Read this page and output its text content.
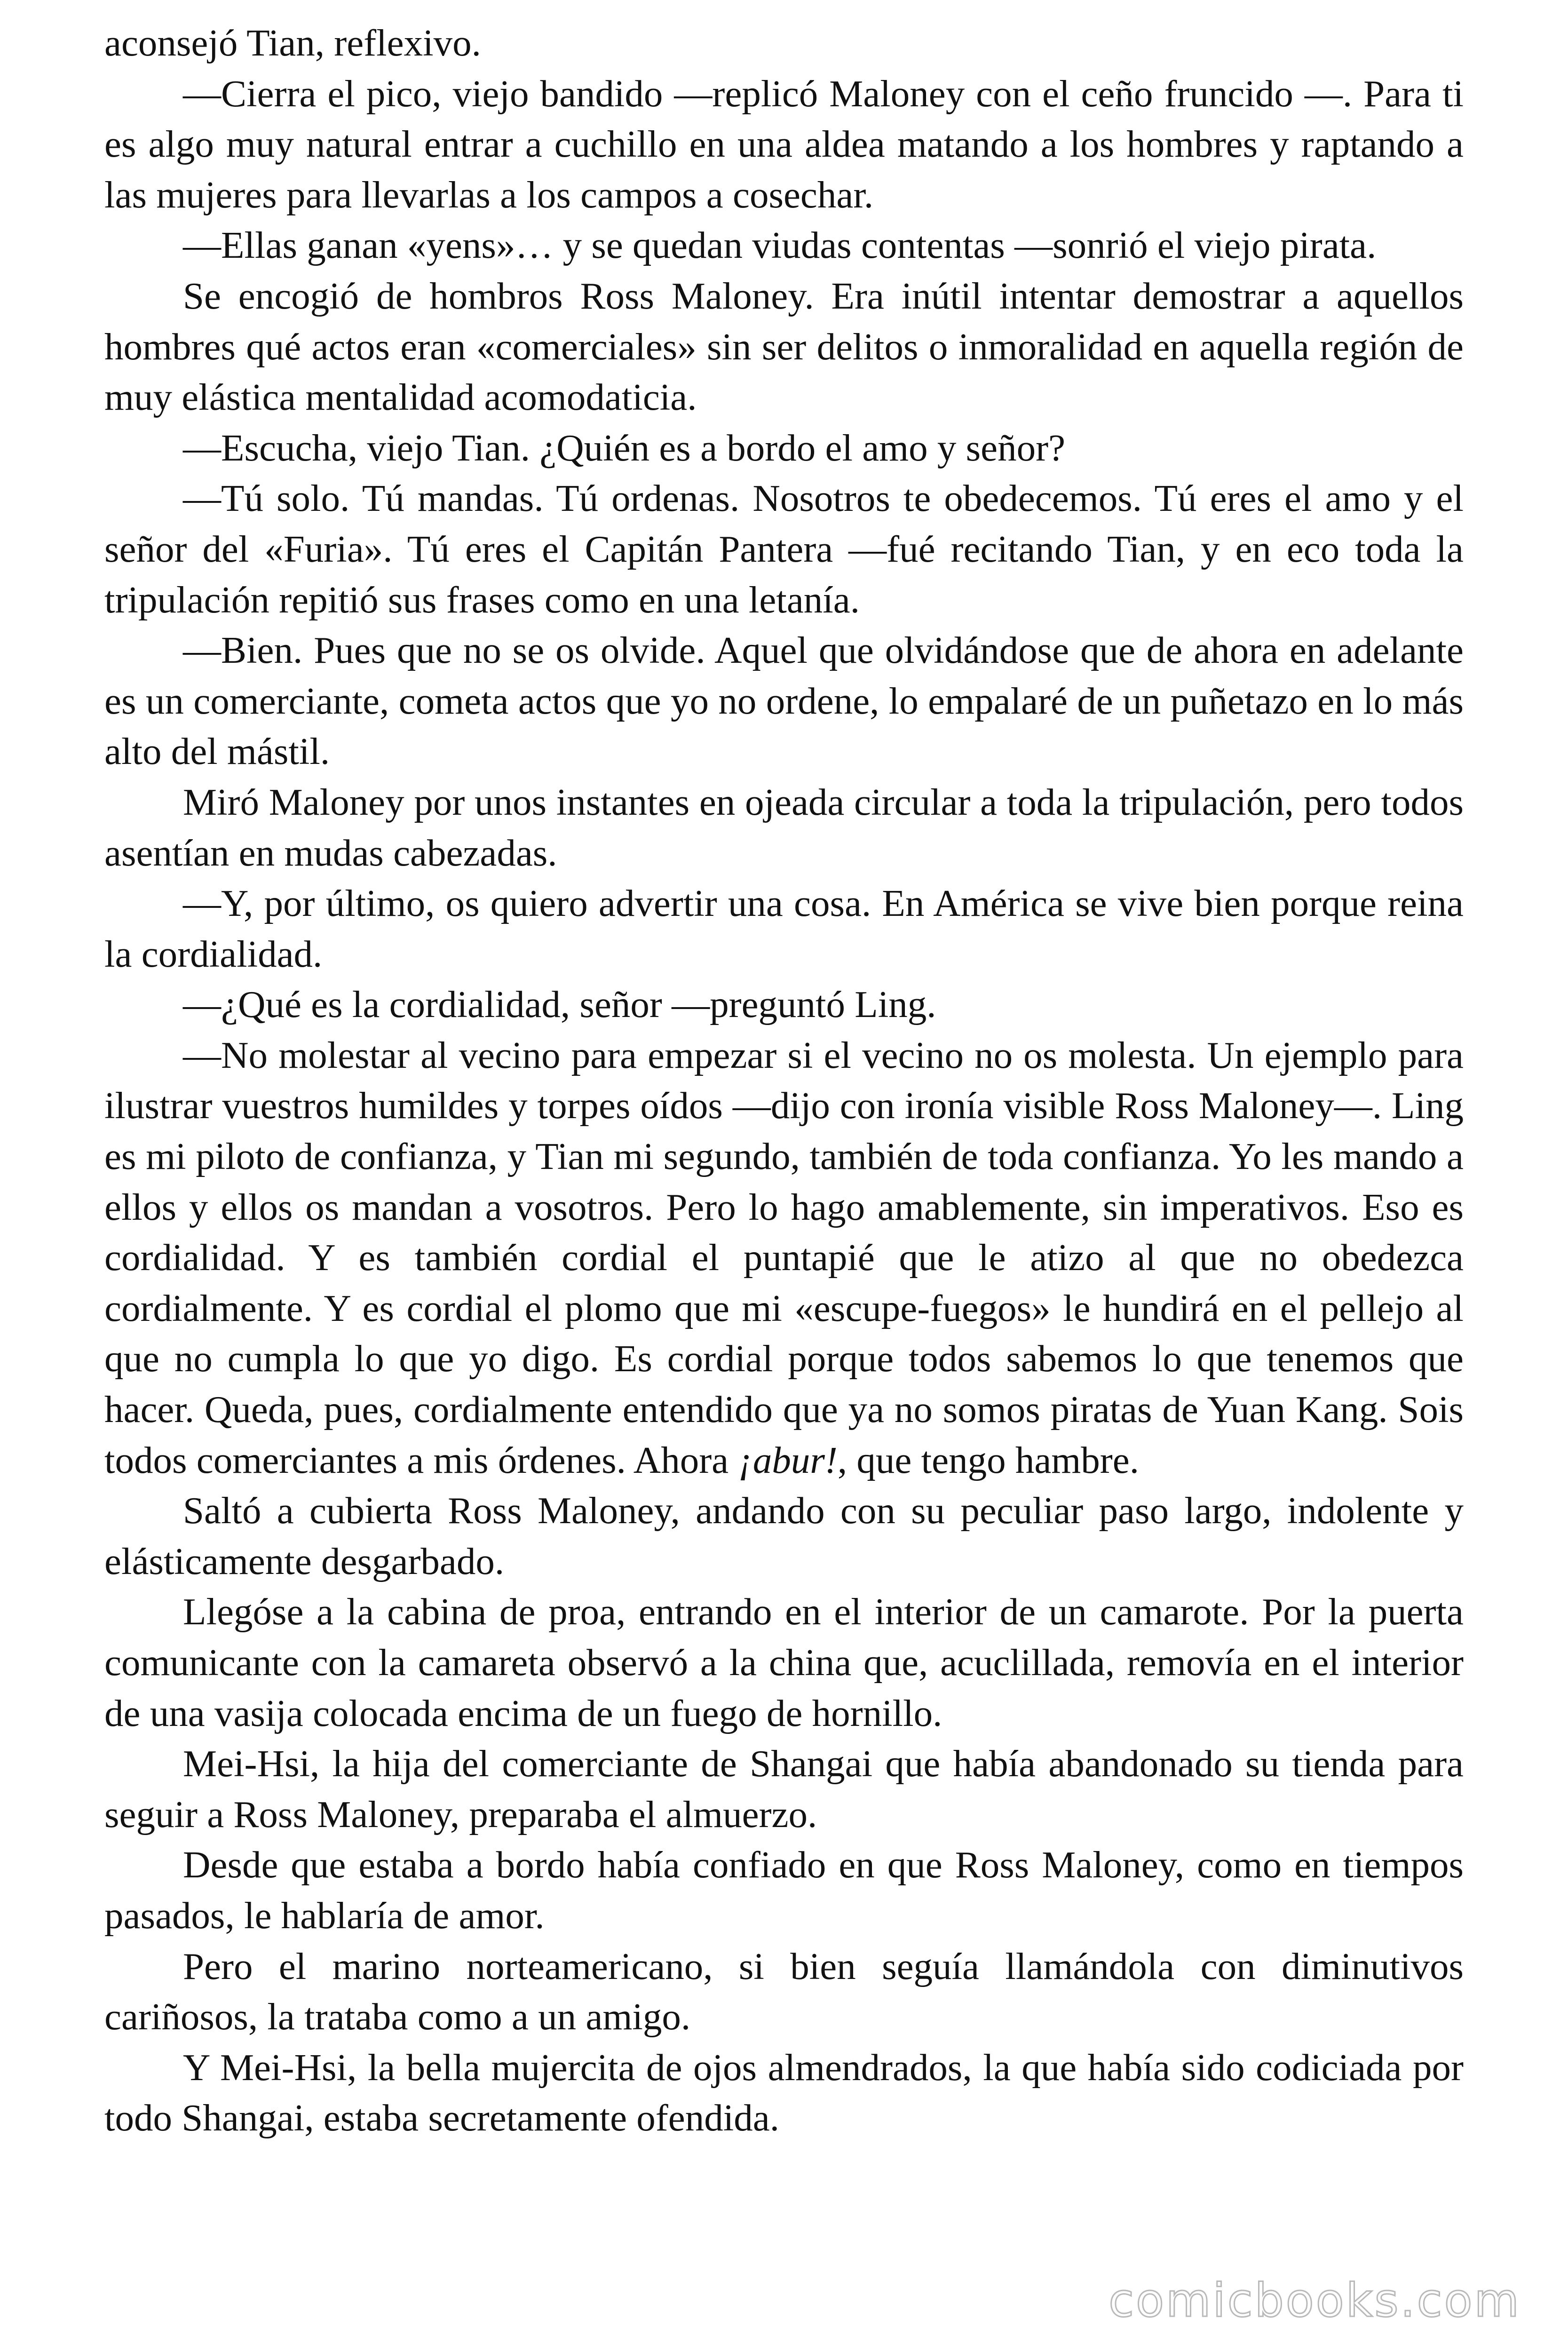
aconsejó Tian, reflexivo.

—Cierra el pico, viejo bandido —replicó Maloney con el ceño fruncido —. Para ti es algo muy natural entrar a cuchillo en una aldea matando a los hombres y raptando a las mujeres para llevarlas a los campos a cosechar.

—Ellas ganan «yens»… y se quedan viudas contentas —sonrió el viejo pirata.

Se encogió de hombros Ross Maloney. Era inútil intentar demostrar a aquellos hombres qué actos eran «comerciales» sin ser delitos o inmoralidad en aquella región de muy elástica mentalidad acomodaticia.

—Escucha, viejo Tian. ¿Quién es a bordo el amo y señor?

—Tú solo. Tú mandas. Tú ordenas. Nosotros te obedecemos. Tú eres el amo y el señor del «Furia». Tú eres el Capitán Pantera —fué recitando Tian, y en eco toda la tripulación repitió sus frases como en una letanía.

—Bien. Pues que no se os olvide. Aquel que olvidándose que de ahora en adelante es un comerciante, cometa actos que yo no ordene, lo empalaré de un puñetazo en lo más alto del mástil.

Miró Maloney por unos instantes en ojeada circular a toda la tripulación, pero todos asentían en mudas cabezadas.

—Y, por último, os quiero advertir una cosa. En América se vive bien porque reina la cordialidad.

—¿Qué es la cordialidad, señor —preguntó Ling.

—No molestar al vecino para empezar si el vecino no os molesta. Un ejemplo para ilustrar vuestros humildes y torpes oídos —dijo con ironía visible Ross Maloney—. Ling es mi piloto de confianza, y Tian mi segundo, también de toda confianza. Yo les mando a ellos y ellos os mandan a vosotros. Pero lo hago amablemente, sin imperativos. Eso es cordialidad. Y es también cordial el puntapié que le atizo al que no obedezca cordialmente. Y es cordial el plomo que mi «escupe-fuegos» le hundirá en el pellejo al que no cumpla lo que yo digo. Es cordial porque todos sabemos lo que tenemos que hacer. Queda, pues, cordialmente entendido que ya no somos piratas de Yuan Kang. Sois todos comerciantes a mis órdenes. Ahora ¡abur!, que tengo hambre.

Saltó a cubierta Ross Maloney, andando con su peculiar paso largo, indolente y elásticamente desgarbado.

Llegóse a la cabina de proa, entrando en el interior de un camarote. Por la puerta comunicante con la camareta observó a la china que, acuclillada, removía en el interior de una vasija colocada encima de un fuego de hornillo.

Mei-Hsi, la hija del comerciante de Shangai que había abandonado su tienda para seguir a Ross Maloney, preparaba el almuerzo.

Desde que estaba a bordo había confiado en que Ross Maloney, como en tiempos pasados, le hablaría de amor.

Pero el marino norteamericano, si bien seguía llamándola con diminutivos cariñosos, la trataba como a un amigo.

Y Mei-Hsi, la bella mujercita de ojos almendrados, la que había sido codiciada por todo Shangai, estaba secretamente ofendida.

comicbooks.com
